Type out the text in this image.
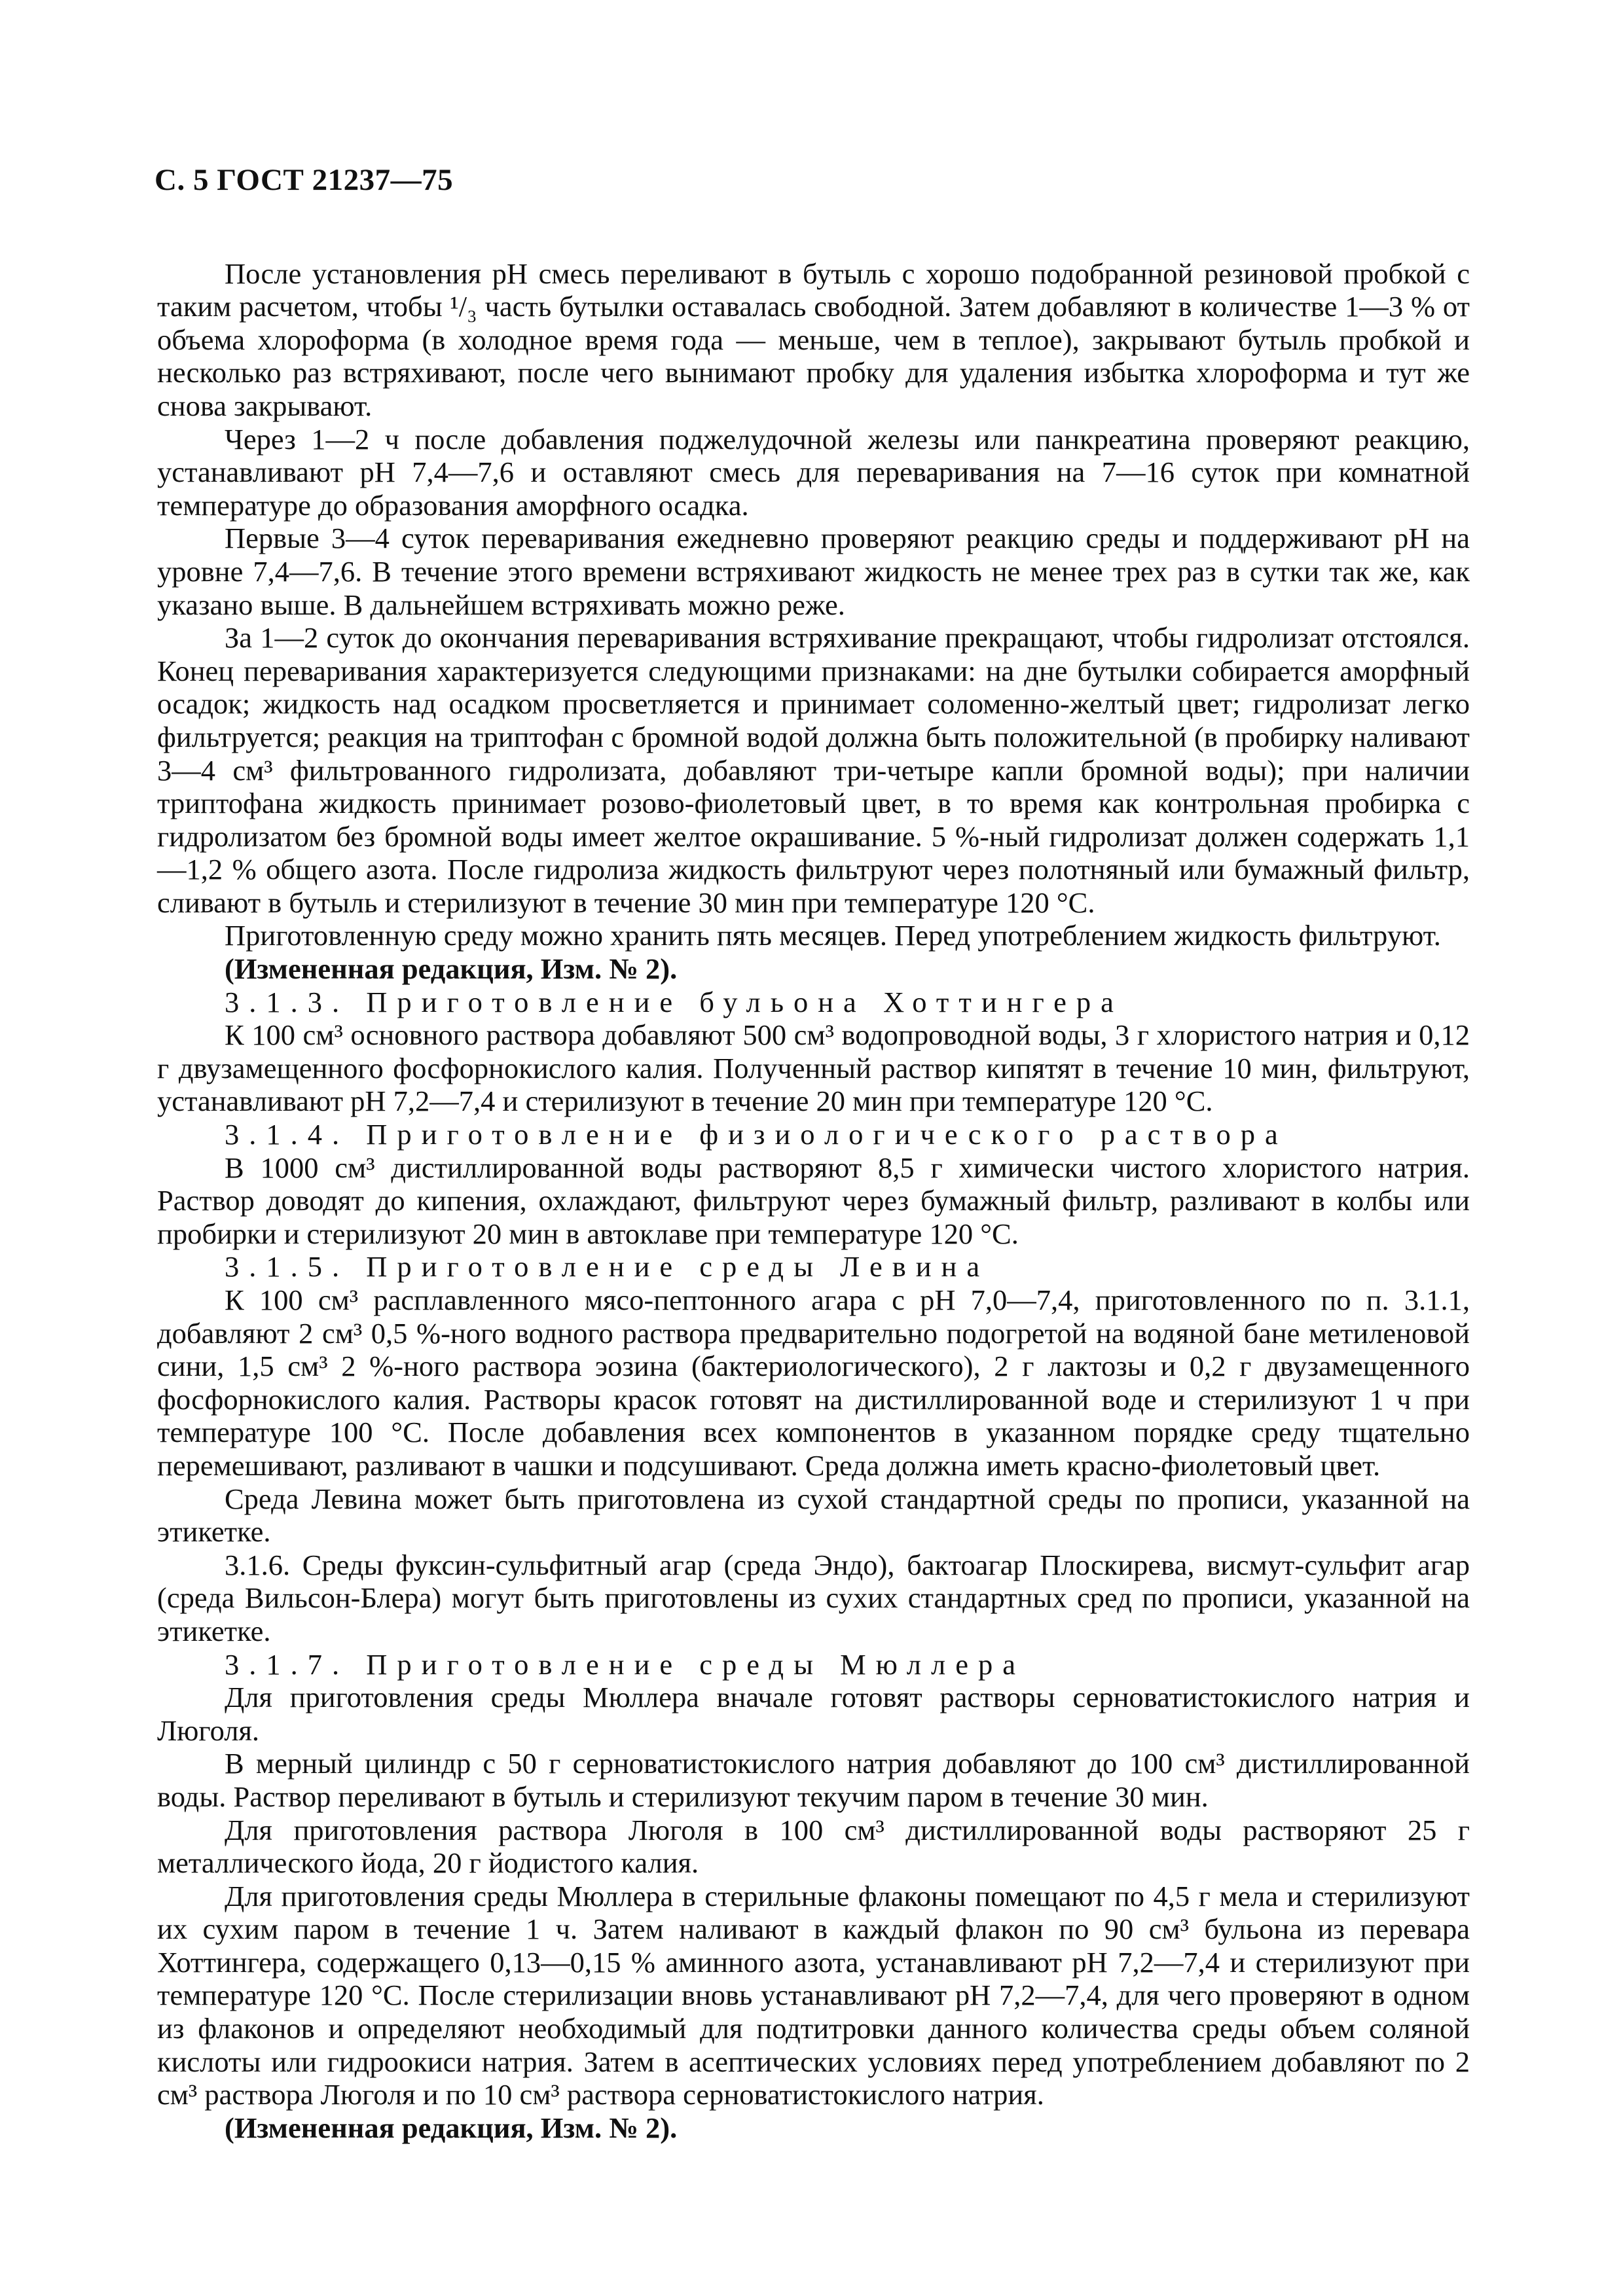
С. 5 ГОСТ 21237—75

После установления pH смесь переливают в бутыль с хорошо подобранной резиновой пробкой с таким расчетом, чтобы ¹/₃ часть бутылки оставалась свободной. Затем добавляют в количестве 1—3 % от объема хлороформа (в холодное время года — меньше, чем в теплое), закрывают бутыль пробкой и несколько раз встряхивают, после чего вынимают пробку для удаления избытка хлороформа и тут же снова закрывают.

Через 1—2 ч после добавления поджелудочной железы или панкреатина проверяют реакцию, устанавливают pH 7,4—7,6 и оставляют смесь для переваривания на 7—16 суток при комнатной температуре до образования аморфного осадка.

Первые 3—4 суток переваривания ежедневно проверяют реакцию среды и поддерживают pH на уровне 7,4—7,6. В течение этого времени встряхивают жидкость не менее трех раз в сутки так же, как указано выше. В дальнейшем встряхивать можно реже.

За 1—2 суток до окончания переваривания встряхивание прекращают, чтобы гидролизат отстоялся. Конец переваривания характеризуется следующими признаками: на дне бутылки собирается аморфный осадок; жидкость над осадком просветляется и принимает соломенно-желтый цвет; гидролизат легко фильтруется; реакция на триптофан с бромной водой должна быть положительной (в пробирку наливают 3—4 см³ фильтрованного гидролизата, добавляют три-четыре капли бромной воды); при наличии триптофана жидкость принимает розово-фиолетовый цвет, в то время как контрольная пробирка с гидролизатом без бромной воды имеет желтое окрашивание. 5 %-ный гидролизат должен содержать 1,1—1,2 % общего азота. После гидролиза жидкость фильтруют через полотняный или бумажный фильтр, сливают в бутыль и стерилизуют в течение 30 мин при температуре 120 °С.

Приготовленную среду можно хранить пять месяцев. Перед употреблением жидкость фильтруют.

(Измененная редакция, Изм. № 2).

3.1.3. Приготовление бульона Хоттингера

К 100 см³ основного раствора добавляют 500 см³ водопроводной воды, 3 г хлористого натрия и 0,12 г двузамещенного фосфорнокислого калия. Полученный раствор кипятят в течение 10 мин, фильтруют, устанавливают pH 7,2—7,4 и стерилизуют в течение 20 мин при температуре 120 °С.

3.1.4. Приготовление физиологического раствора

В 1000 см³ дистиллированной воды растворяют 8,5 г химически чистого хлористого натрия. Раствор доводят до кипения, охлаждают, фильтруют через бумажный фильтр, разливают в колбы или пробирки и стерилизуют 20 мин в автоклаве при температуре 120 °С.

3.1.5. Приготовление среды Левина

К 100 см³ расплавленного мясо-пептонного агара с pH 7,0—7,4, приготовленного по п. 3.1.1, добавляют 2 см³ 0,5 %-ного водного раствора предварительно подогретой на водяной бане метиленовой сини, 1,5 см³ 2 %-ного раствора эозина (бактериологического), 2 г лактозы и 0,2 г двузамещенного фосфорнокислого калия. Растворы красок готовят на дистиллированной воде и стерилизуют 1 ч при температуре 100 °С. После добавления всех компонентов в указанном порядке среду тщательно перемешивают, разливают в чашки и подсушивают. Среда должна иметь красно-фиолетовый цвет.

Среда Левина может быть приготовлена из сухой стандартной среды по прописи, указанной на этикетке.

3.1.6. Среды фуксин-сульфитный агар (среда Эндо), бактоагар Плоскирева, висмут-сульфит агар (среда Вильсон-Блера) могут быть приготовлены из сухих стандартных сред по прописи, указанной на этикетке.

3.1.7. Приготовление среды Мюллера

Для приготовления среды Мюллера вначале готовят растворы серноватистокислого натрия и Люголя.

В мерный цилиндр с 50 г серноватистокислого натрия добавляют до 100 см³ дистиллированной воды. Раствор переливают в бутыль и стерилизуют текучим паром в течение 30 мин.

Для приготовления раствора Люголя в 100 см³ дистиллированной воды растворяют 25 г металлического йода, 20 г йодистого калия.

Для приготовления среды Мюллера в стерильные флаконы помещают по 4,5 г мела и стерилизуют их сухим паром в течение 1 ч. Затем наливают в каждый флакон по 90 см³ бульона из перевара Хоттингера, содержащего 0,13—0,15 % аминного азота, устанавливают pH 7,2—7,4 и стерилизуют при температуре 120 °С. После стерилизации вновь устанавливают pH 7,2—7,4, для чего проверяют в одном из флаконов и определяют необходимый для подтитровки данного количества среды объем соляной кислоты или гидроокиси натрия. Затем в асептических условиях перед употреблением добавляют по 2 см³ раствора Люголя и по 10 см³ раствора серноватистокислого натрия.

(Измененная редакция, Изм. № 2).
